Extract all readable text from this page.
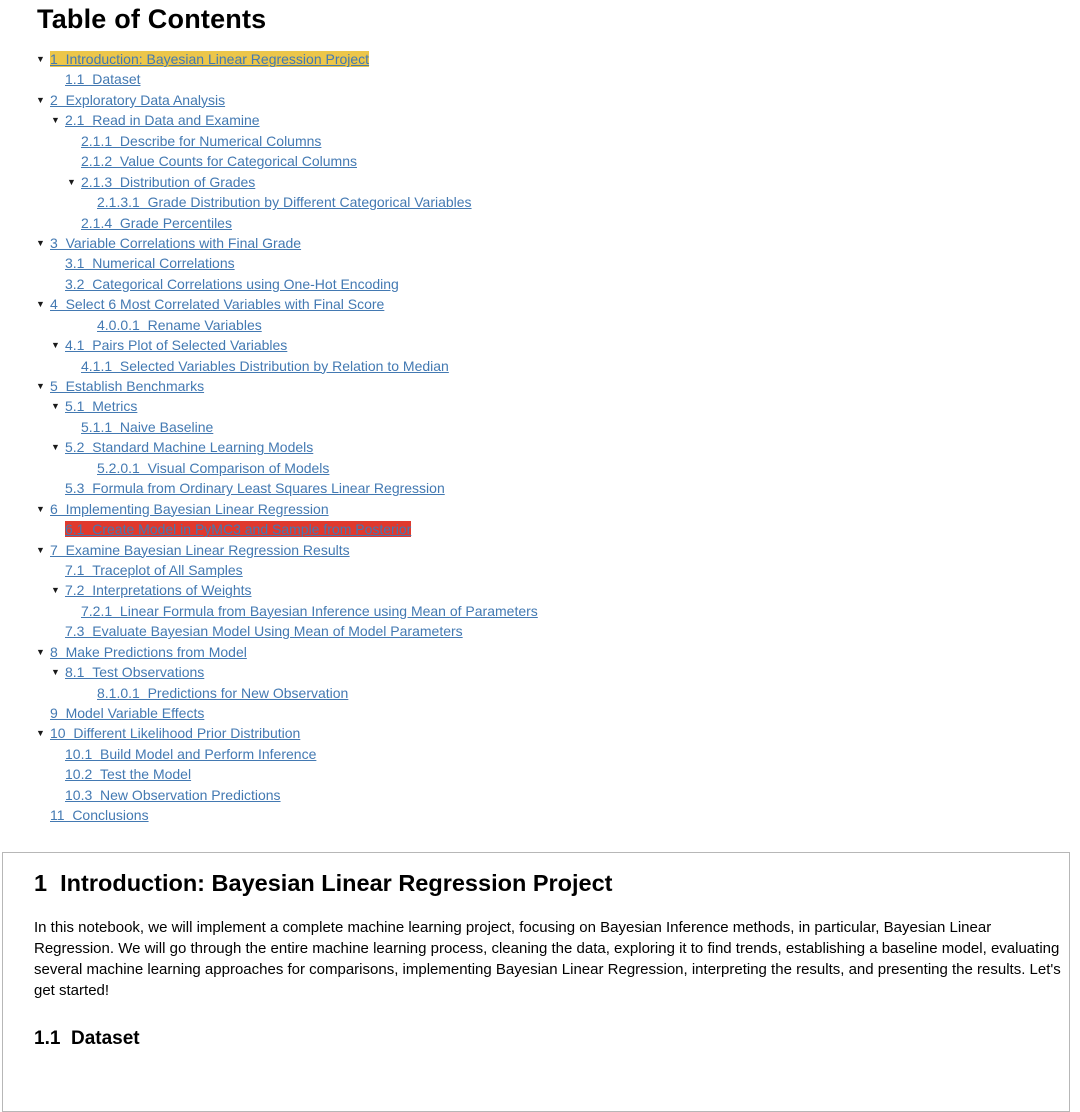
Table of Contents
▼ 1  Introduction: Bayesian Linear Regression Project
1.1  Dataset
▼ 2  Exploratory Data Analysis
▼ 2.1  Read in Data and Examine
2.1.1  Describe for Numerical Columns
2.1.2  Value Counts for Categorical Columns
▼ 2.1.3  Distribution of Grades
2.1.3.1  Grade Distribution by Different Categorical Variables
2.1.4  Grade Percentiles
▼ 3  Variable Correlations with Final Grade
3.1  Numerical Correlations
3.2  Categorical Correlations using One-Hot Encoding
▼ 4  Select 6 Most Correlated Variables with Final Score
4.0.0.1  Rename Variables
▼ 4.1  Pairs Plot of Selected Variables
4.1.1  Selected Variables Distribution by Relation to Median
▼ 5  Establish Benchmarks
▼ 5.1  Metrics
5.1.1  Naive Baseline
▼ 5.2  Standard Machine Learning Models
5.2.0.1  Visual Comparison of Models
5.3  Formula from Ordinary Least Squares Linear Regression
▼ 6  Implementing Bayesian Linear Regression
6.1  Create Model in PyMC3 and Sample from Posterior
▼ 7  Examine Bayesian Linear Regression Results
7.1  Traceplot of All Samples
▼ 7.2  Interpretations of Weights
7.2.1  Linear Formula from Bayesian Inference using Mean of Parameters
7.3  Evaluate Bayesian Model Using Mean of Model Parameters
▼ 8  Make Predictions from Model
▼ 8.1  Test Observations
8.1.0.1  Predictions for New Observation
9  Model Variable Effects
▼ 10  Different Likelihood Prior Distribution
10.1  Build Model and Perform Inference
10.2  Test the Model
10.3  New Observation Predictions
11  Conclusions
1  Introduction: Bayesian Linear Regression Project

In this notebook, we will implement a complete machine learning project, focusing on Bayesian Inference methods, in particular, Bayesian Linear Regression. We will go through the entire machine learning process, cleaning the data, exploring it to find trends, establishing a baseline model, evaluating several machine learning approaches for comparisons, implementing Bayesian Linear Regression, interpreting the results, and presenting the results. Let's get started!

1.1  Dataset
